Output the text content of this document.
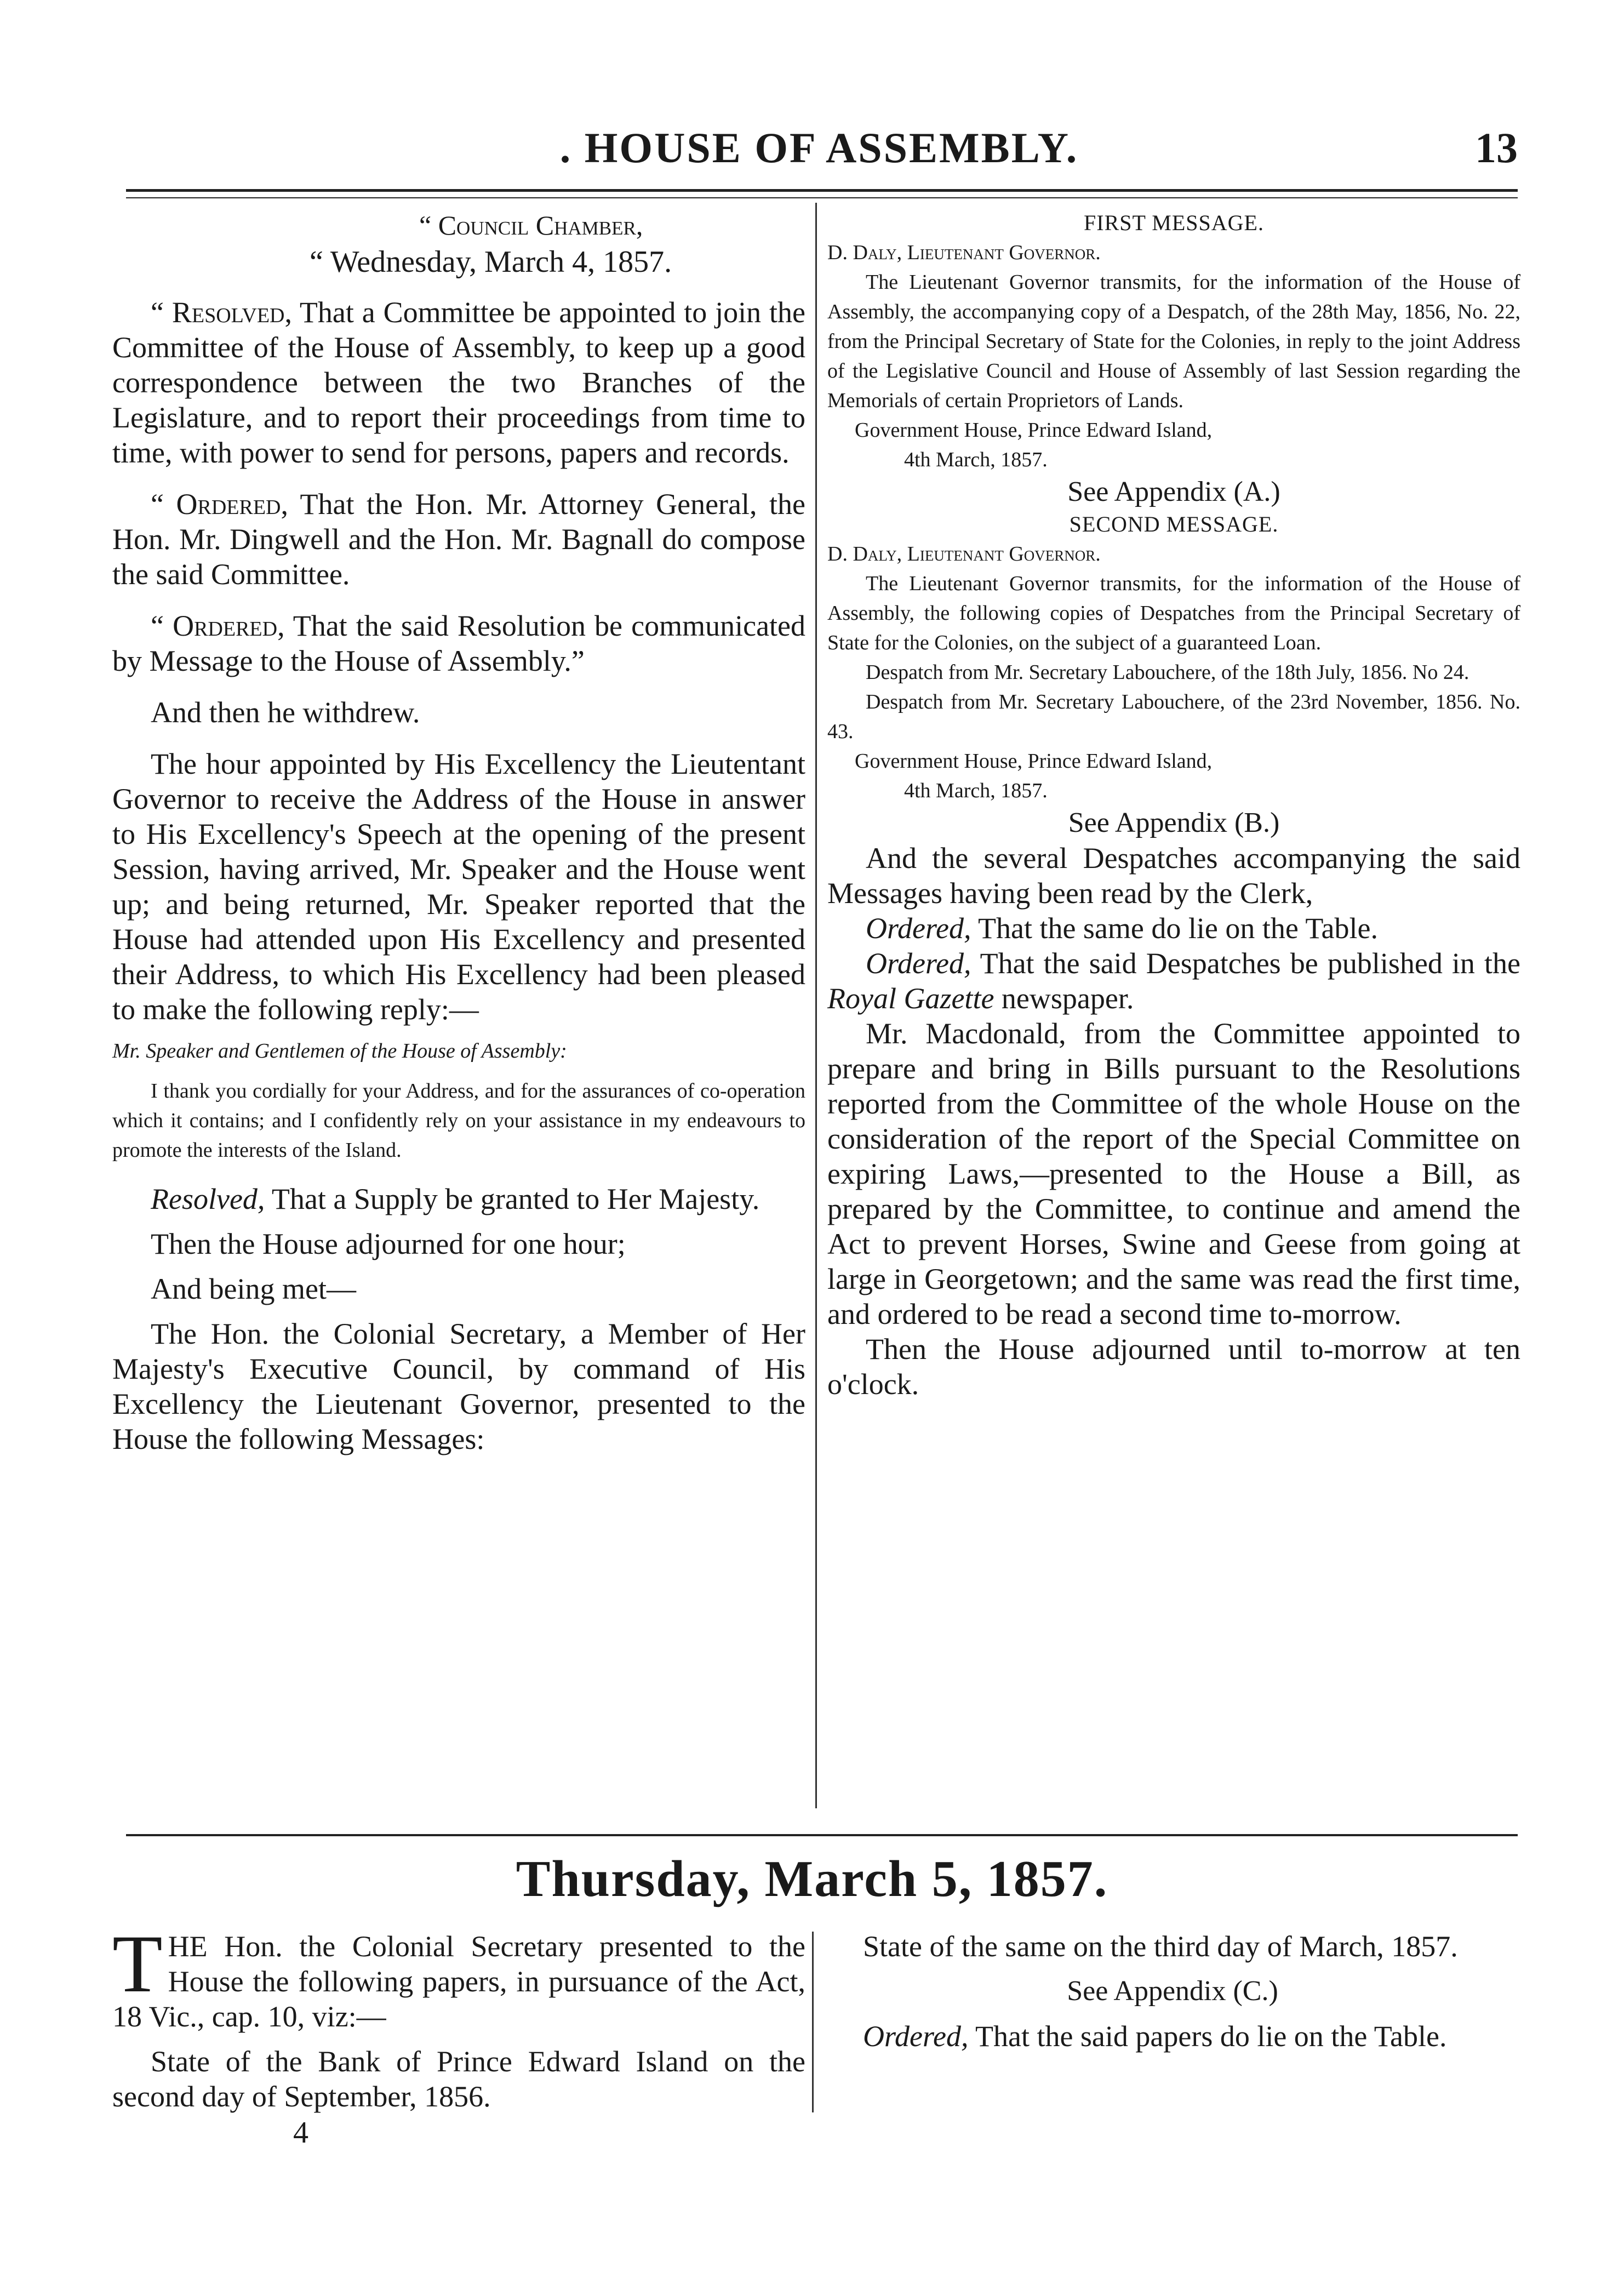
. HOUSE OF ASSEMBLY.	13

“ Council Chamber,

“ Wednesday, March 4, 1857.

“ Resolved, That a Committee be appointed to join the Committee of the House of Assembly, to keep up a good correspondence between the two Branches of the Legislature, and to report their proceedings from time to time, with power to send for persons, papers and records.

“ Ordered, That the Hon. Mr. Attorney General, the Hon. Mr. Dingwell and the Hon. Mr. Bagnall do compose the said Committee.

“ Ordered, That the said Resolution be communicated by Message to the House of Assembly.”

And then he withdrew.

The hour appointed by His Excellency the Lieutentant Governor to receive the Address of the House in answer to His Excellency's Speech at the opening of the present Session, having arrived, Mr. Speaker and the House went up; and being returned, Mr. Speaker reported that the House had attended upon His Excellency and presented their Address, to which His Excellency had been pleased to make the following reply:—

Mr. Speaker and Gentlemen of the House of Assembly:

I thank you cordially for your Address, and for the assurances of co-operation which it contains; and I confidently rely on your assistance in my endeavours to promote the interests of the Island.

Resolved, That a Supply be granted to Her Majesty.

Then the House adjourned for one hour;

And being met—

The Hon. the Colonial Secretary, a Member of Her Majesty's Executive Council, by command of His Excellency the Lieutenant Governor, presented to the House the following Messages:

FIRST MESSAGE.

D. Daly, Lieutenant Governor.

The Lieutenant Governor transmits, for the information of the House of Assembly, the accompanying copy of a Despatch, of the 28th May, 1856, No. 22, from the Principal Secretary of State for the Colonies, in reply to the joint Address of the Legislative Council and House of Assembly of last Session regarding the Memorials of certain Proprietors of Lands.

Government House, Prince Edward Island,

4th March, 1857.

See Appendix (A.)

SECOND MESSAGE.

D. Daly, Lieutenant Governor.

The Lieutenant Governor transmits, for the information of the House of Assembly, the following copies of Despatches from the Principal Secretary of State for the Colonies, on the subject of a guaranteed Loan.

Despatch from Mr. Secretary Labouchere, of the 18th July, 1856. No 24.

Despatch from Mr. Secretary Labouchere, of the 23rd November, 1856. No. 43.

Government House, Prince Edward Island,

4th March, 1857.

See Appendix (B.)

And the several Despatches accompanying the said Messages having been read by the Clerk,

Ordered, That the same do lie on the Table.

Ordered, That the said Despatches be published in the Royal Gazette newspaper.

Mr. Macdonald, from the Committee appointed to prepare and bring in Bills pursuant to the Resolutions reported from the Committee of the whole House on the consideration of the report of the Special Committee on expiring Laws,—presented to the House a Bill, as prepared by the Committee, to continue and amend the Act to prevent Horses, Swine and Geese from going at large in Georgetown; and the same was read the first time, and ordered to be read a second time to-morrow.

Then the House adjourned until to-morrow at ten o'clock.

Thursday, March 5, 1857.

THE Hon. the Colonial Secretary presented to the House the following papers, in pursuance of the Act, 18 Vic., cap. 10, viz:—

State of the Bank of Prince Edward Island on the second day of September, 1856.

4

State of the same on the third day of March, 1857.

See Appendix (C.)

Ordered, That the said papers do lie on the Table.
